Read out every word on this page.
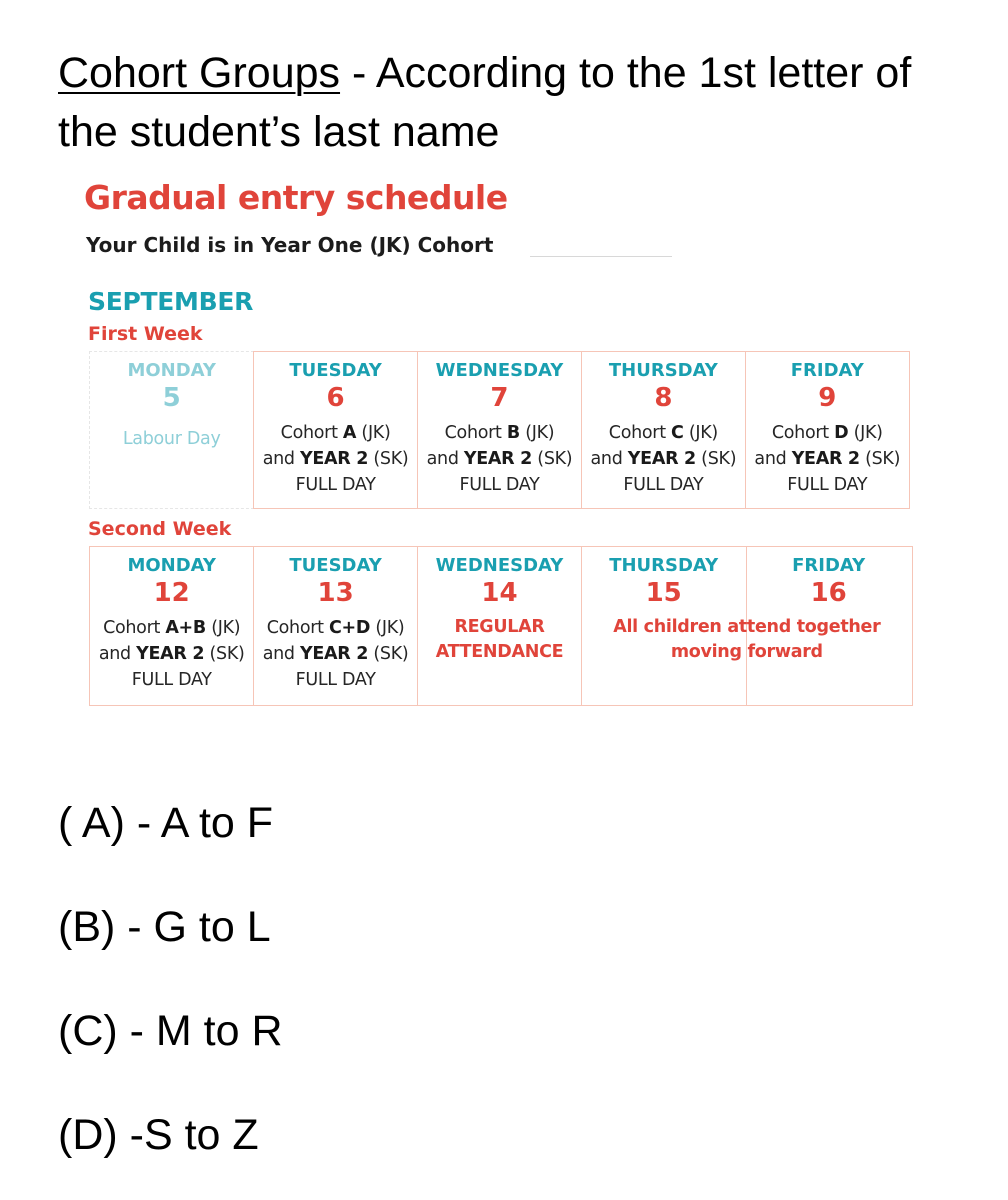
Cohort Groups - According to the 1st letter of the student’s last name
Gradual entry schedule
Your Child is in Year One (JK) Cohort
SEPTEMBER
First Week
MONDAY
5
Labour Day
TUESDAY
6
Cohort A (JK)
and YEAR 2 (SK)
FULL DAY
WEDNESDAY
7
Cohort B (JK)
and YEAR 2 (SK)
FULL DAY
THURSDAY
8
Cohort C (JK)
and YEAR 2 (SK)
FULL DAY
FRIDAY
9
Cohort D (JK)
and YEAR 2 (SK)
FULL DAY
Second Week
MONDAY
12
Cohort A+B (JK)
and YEAR 2 (SK)
FULL DAY
TUESDAY
13
Cohort C+D (JK)
and YEAR 2 (SK)
FULL DAY
WEDNESDAY
14
REGULAR
ATTENDANCE
THURSDAY
15
FRIDAY
16
All children attend together
moving forward
( A) - A to F
(B) - G to L
(C) - M to R
(D) -S to Z
